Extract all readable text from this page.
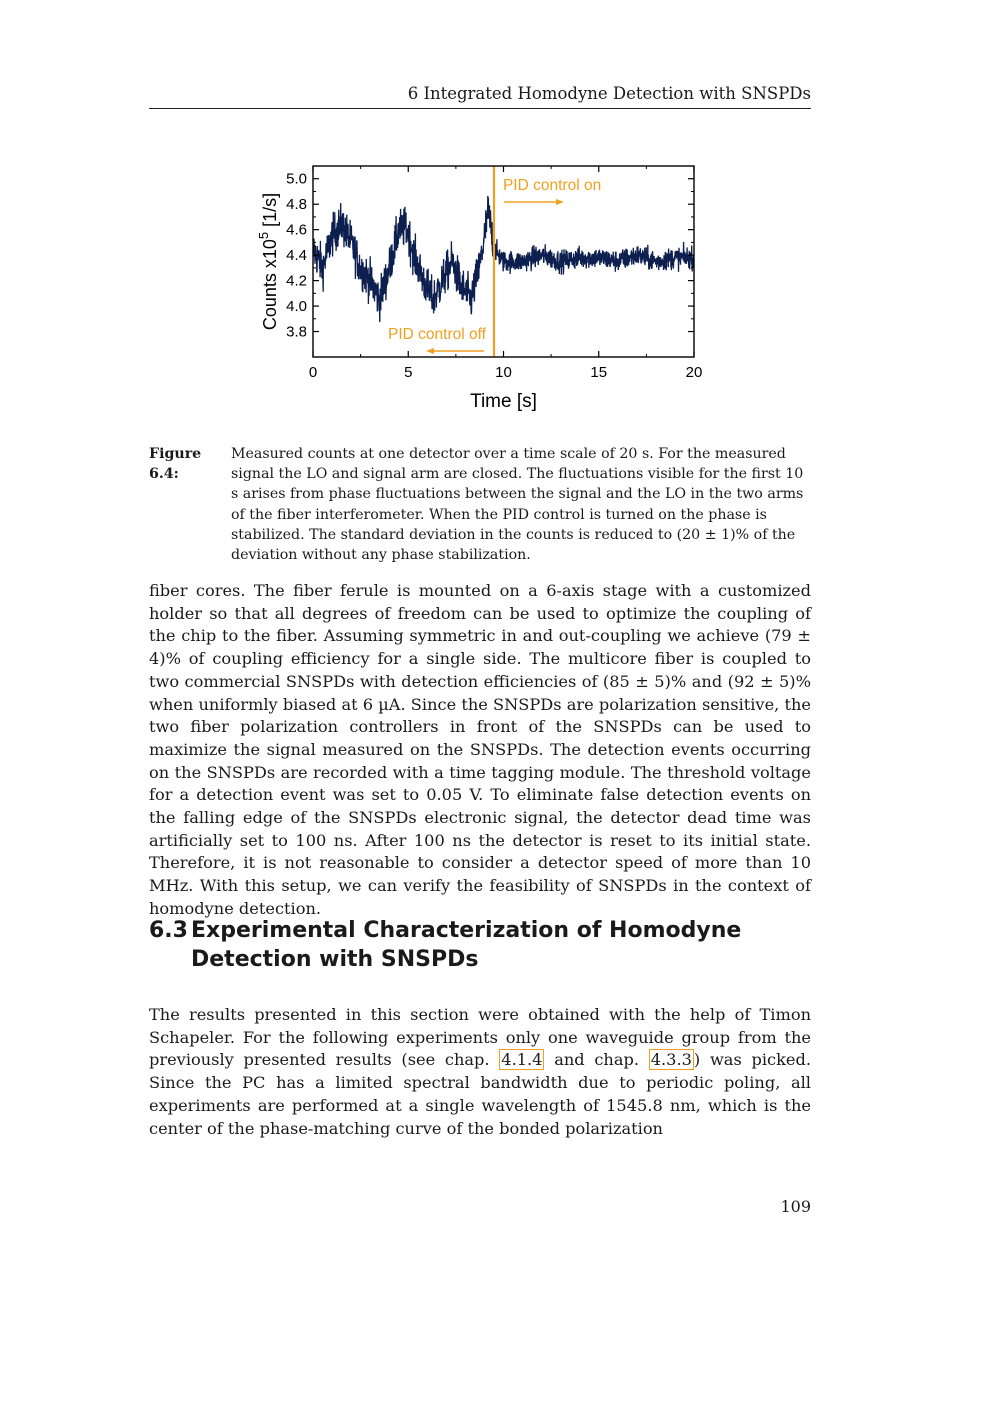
6 Integrated Homodyne Detection with SNSPDs
0	5	10	15	20
3.8
4.0
4.2
4.4
4.6
4.8
5.0	PID control on
PID control off
Time [s]
Counts $x10^5$ [1/s]
Figure 6.4:
Measured counts at one detector over a time scale of 20 s. For the measured signal the LO and signal arm are closed. The fluctuations visible for the first 10 s arises from phase fluctuations between the signal and the LO in the two arms of the fiber interferometer. When the PID control is turned on the phase is stabilized. The standard deviation in the counts is reduced to (20 ± 1)% of the deviation without any phase stabilization.

fiber cores. The fiber ferule is mounted on a 6-axis stage with a customized holder so that all degrees of freedom can be used to optimize the coupling of the chip to the fiber. Assuming symmetric in and out-coupling we achieve (79 ± 4)% of coupling efficiency for a single side. The multicore fiber is coupled to two commercial SNSPDs with detection efficiencies of (85 ± 5)% and (92 ± 5)% when uniformly biased at 6 µA. Since the SNSPDs are polarization sensitive, the two fiber polarization controllers in front of the SNSPDs can be used to maximize the signal measured on the SNSPDs. The detection events occurring on the SNSPDs are recorded with a time tagging module. The threshold voltage for a detection event was set to 0.05 V. To eliminate false detection events on the falling edge of the SNSPDs electronic signal, the detector dead time was artificially set to 100 ns. After 100 ns the detector is reset to its initial state. Therefore, it is not reasonable to consider a detector speed of more than 10 MHz. With this setup, we can verify the feasibility of SNSPDs in the context of homodyne detection.

6.3 Experimental Characterization of Homodyne Detection with SNSPDs

The results presented in this section were obtained with the help of Timon Schapeler. For the following experiments only one waveguide group from the previously presented results (see chap. 4.1.4 and chap. 4.3.3 ) was picked. Since the PC has a limited spectral bandwidth due to periodic poling, all experiments are performed at a single wavelength of 1545.8 nm, which is the center of the phase-matching curve of the bonded polarization

109
